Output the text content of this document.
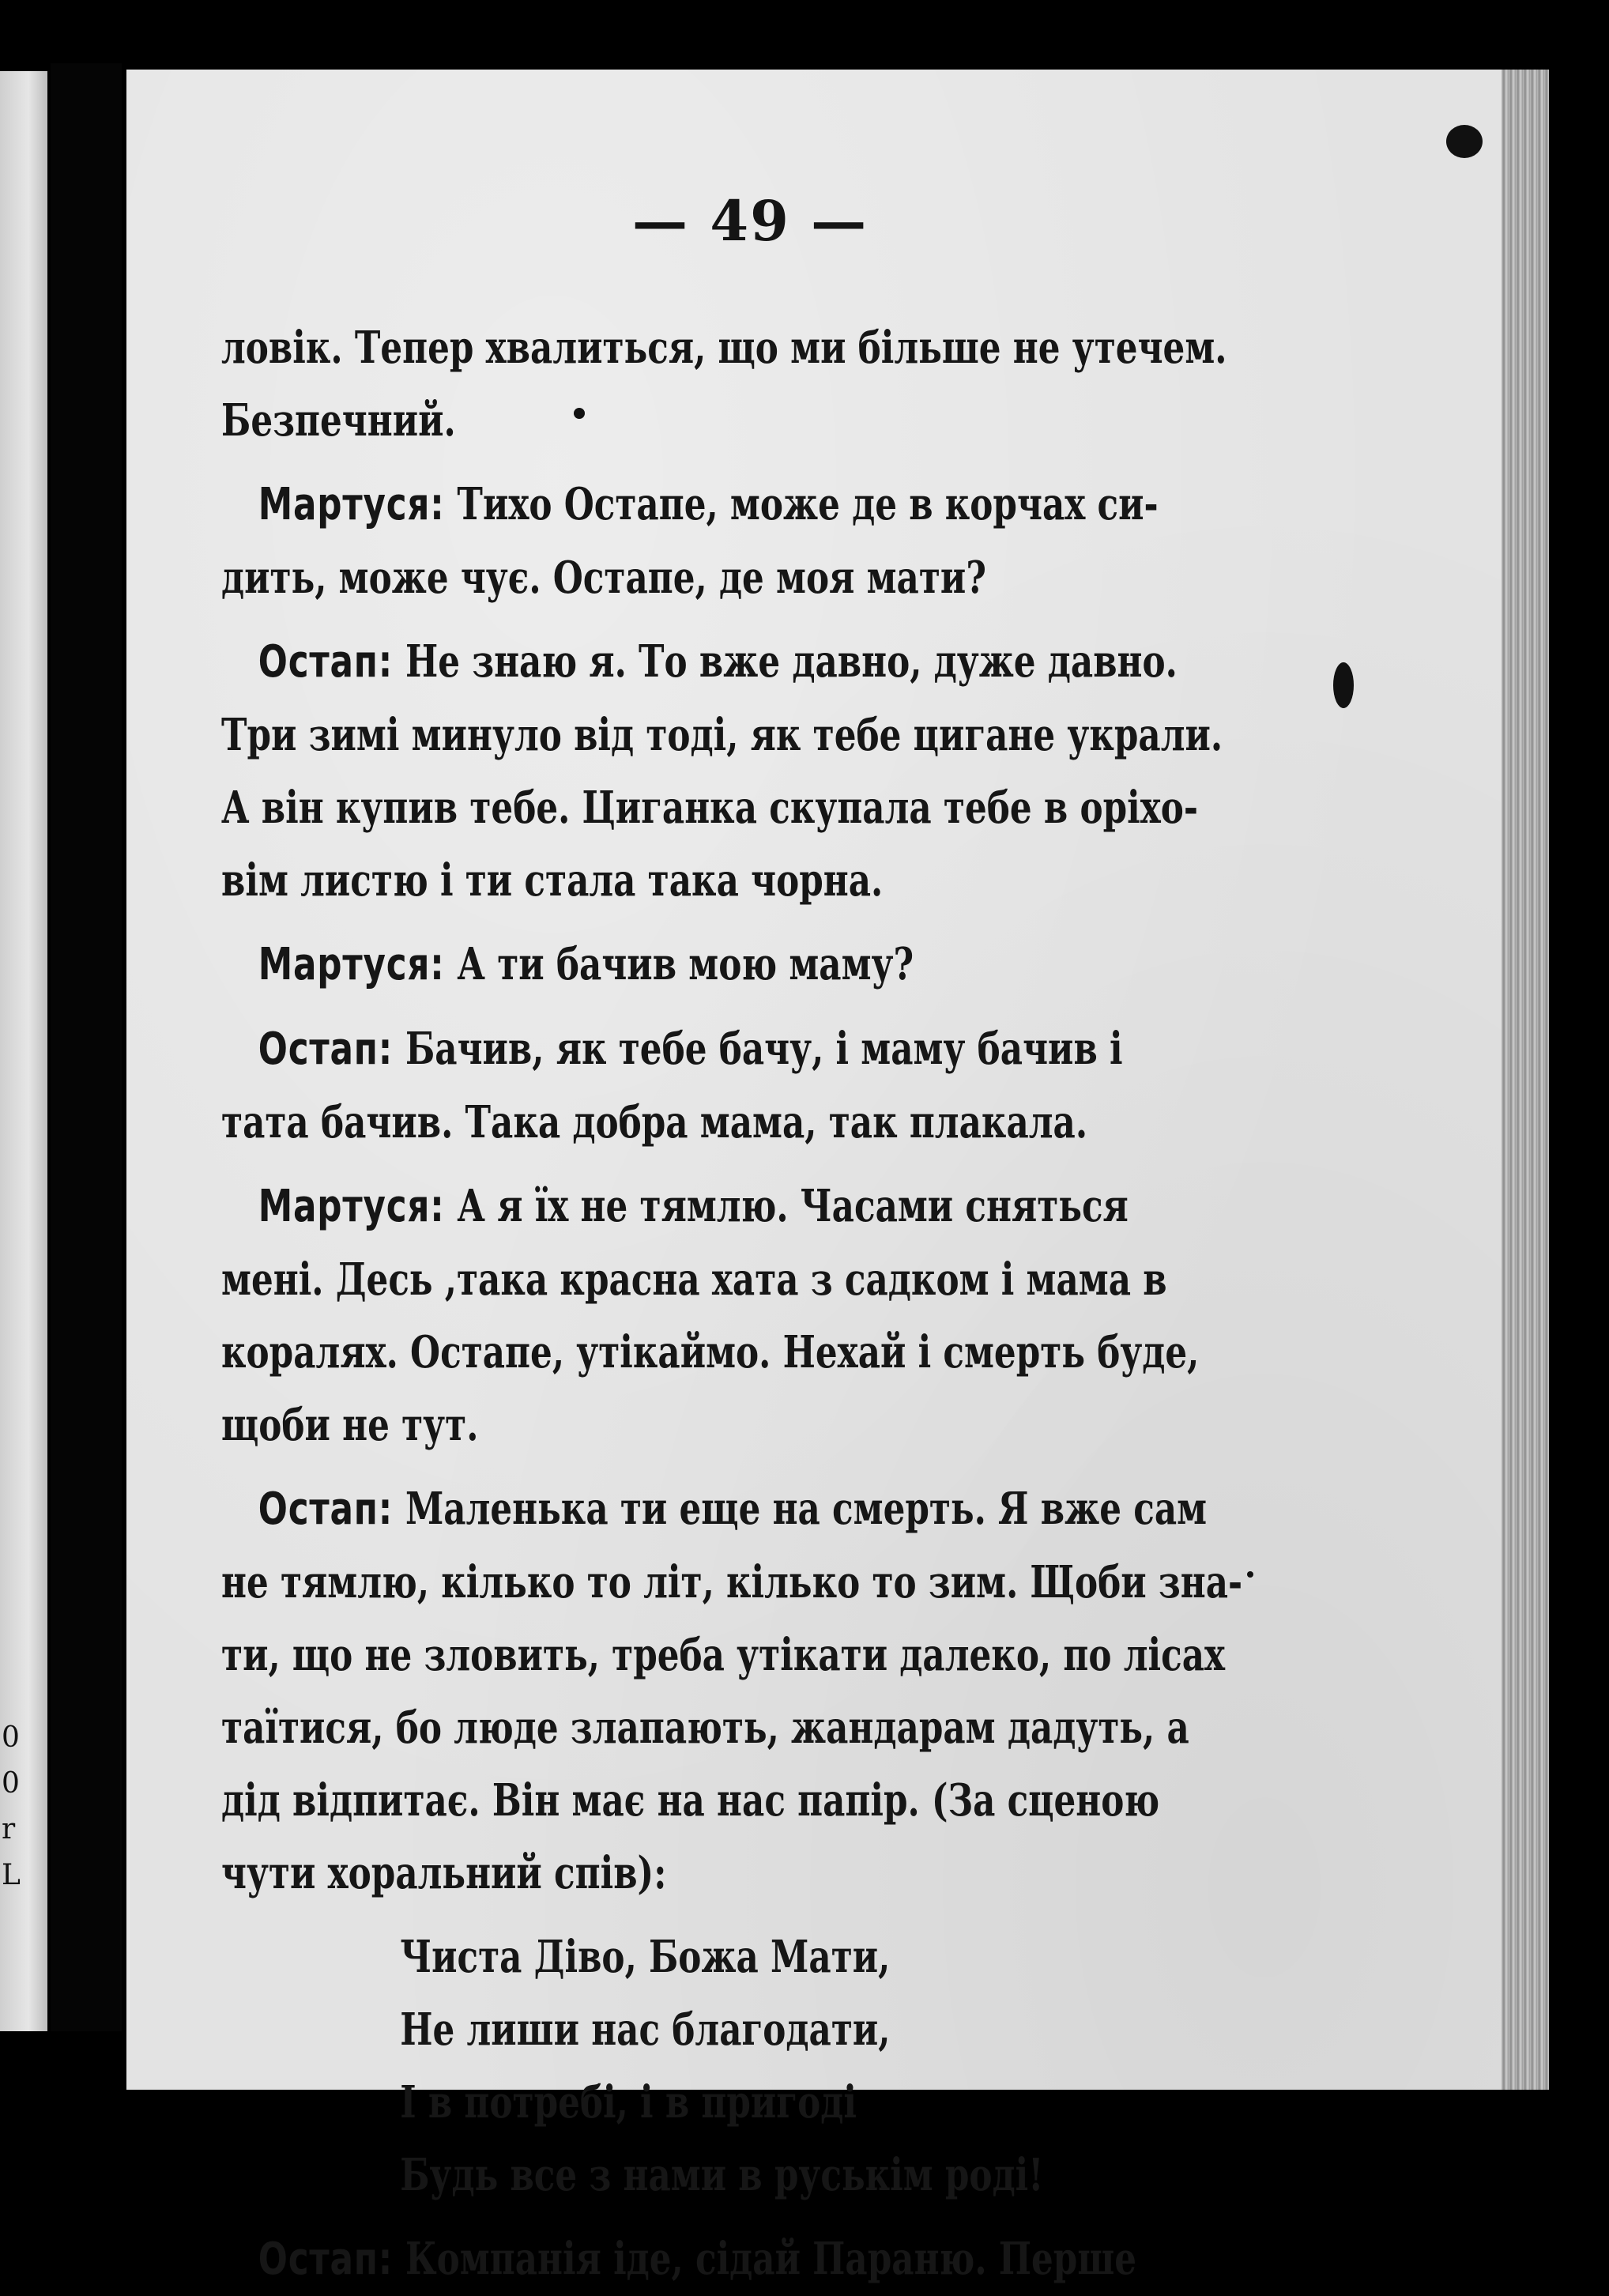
0
0
r
L
— 49 —
ловік. Тепер хвалиться, що ми більше не утечем.
Безпечний.
Мартуся: Тихо Остапе, може де в корчах си-
дить, може чує. Остапе, де моя мати?
Остап: Не знаю я. То вже давно, дуже давно.
Три зимі минуло від тоді, як тебе цигане украли.
А він купив тебе. Циганка скупала тебе в оріхо-
вім листю і ти стала така чорна.
Мартуся: А ти бачив мою маму?
Остап: Бачив, як тебе бачу, і маму бачив і
тата бачив. Така добра мама, так плакала.
Мартуся: А я їх не тямлю. Часами сняться
мені. Десь ,така красна хата з садком і мама в
коралях. Остапе, утікаймо. Нехай і смерть буде,
щоби не тут.
Остап: Маленька ти еще на смерть. Я вже сам
не тямлю, кілько то літ, кілько то зим. Щоби зна-
ти, що не зловить, треба утікати далеко, по лісах
таїтися, бо люде злапають, жандарам дадуть, а
дід відпитає. Він має на нас папір. (За сценою
чути хоральний спів):
Чиста Діво, Божа Мати,
Не лиши нас благодати,
І в потребі, і в пригоді
Будь все з нами в руськім роді!
Остап: Компанія іде, сідай Параню. Перше
